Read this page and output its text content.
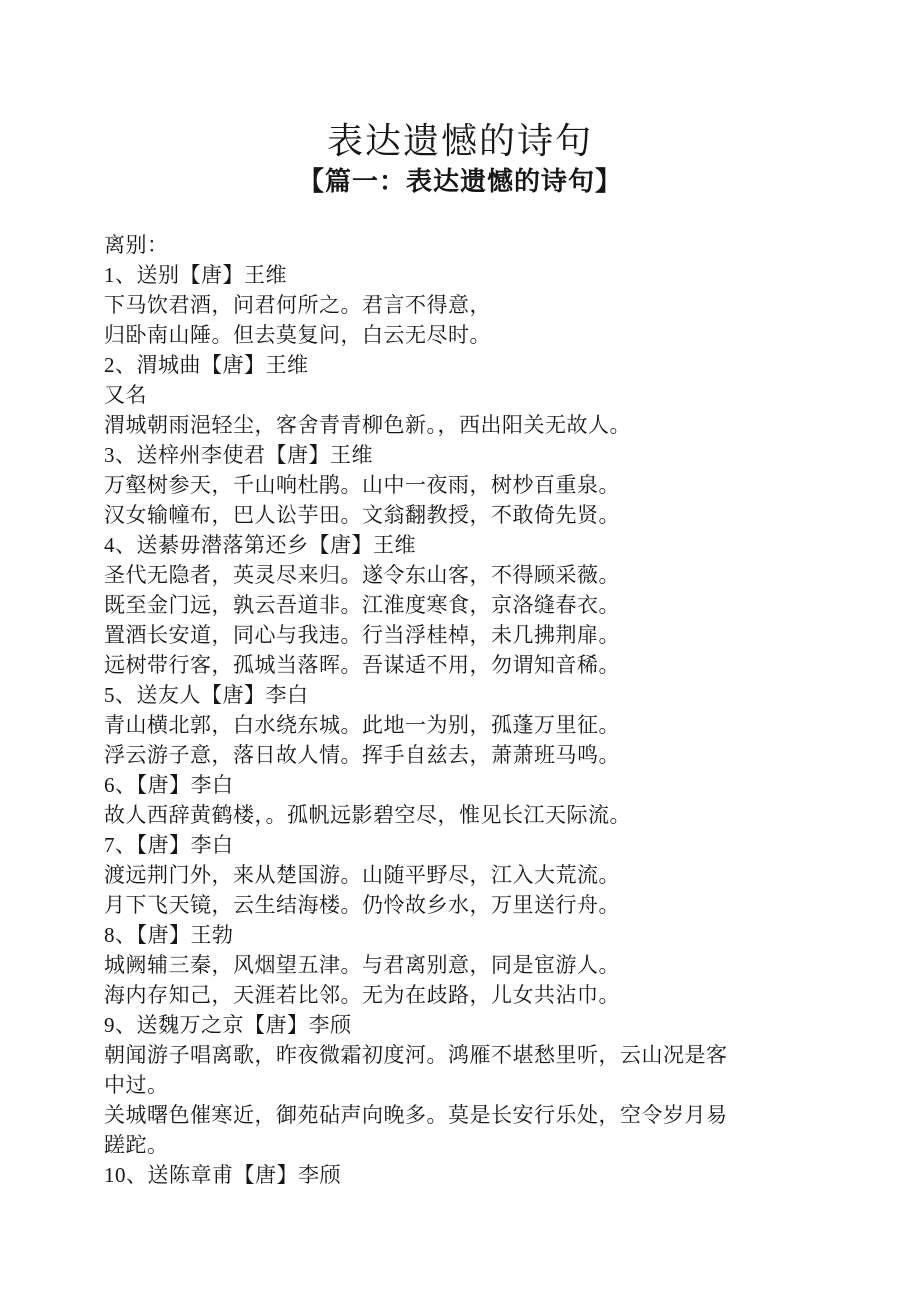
表达遗憾的诗句
【篇一：表达遗憾的诗句】
离别：
1、送别【唐】王维
下马饮君酒，问君何所之。君言不得意，
归卧南山陲。但去莫复问，白云无尽时。
2、渭城曲【唐】王维
又名
渭城朝雨浥轻尘，客舍青青柳色新。，西出阳关无故人。
3、送梓州李使君【唐】王维
万壑树参天，千山响杜鹃。山中一夜雨，树杪百重泉。
汉女输幢布，巴人讼芋田。文翁翻教授，不敢倚先贤。
4、送綦毋潜落第还乡【唐】王维
圣代无隐者，英灵尽来归。遂令东山客，不得顾采薇。
既至金门远，孰云吾道非。江淮度寒食，京洛缝春衣。
置酒长安道，同心与我违。行当浮桂棹，未几拂荆扉。
远树带行客，孤城当落晖。吾谋适不用，勿谓知音稀。
5、送友人【唐】李白
青山横北郭，白水绕东城。此地一为别，孤蓬万里征。
浮云游子意，落日故人情。挥手自兹去，萧萧班马鸣。
6、【唐】李白
故人西辞黄鹤楼，。孤帆远影碧空尽，惟见长江天际流。
7、【唐】李白
渡远荆门外，来从楚国游。山随平野尽，江入大荒流。
月下飞天镜，云生结海楼。仍怜故乡水，万里送行舟。
8、【唐】王勃
城阙辅三秦，风烟望五津。与君离别意，同是宦游人。
海内存知己，天涯若比邻。无为在歧路，儿女共沾巾。
9、送魏万之京【唐】李颀
朝闻游子唱离歌，昨夜微霜初度河。鸿雁不堪愁里听，云山况是客
中过。
关城曙色催寒近，御苑砧声向晚多。莫是长安行乐处，空令岁月易
蹉跎。
10、送陈章甫【唐】李颀
